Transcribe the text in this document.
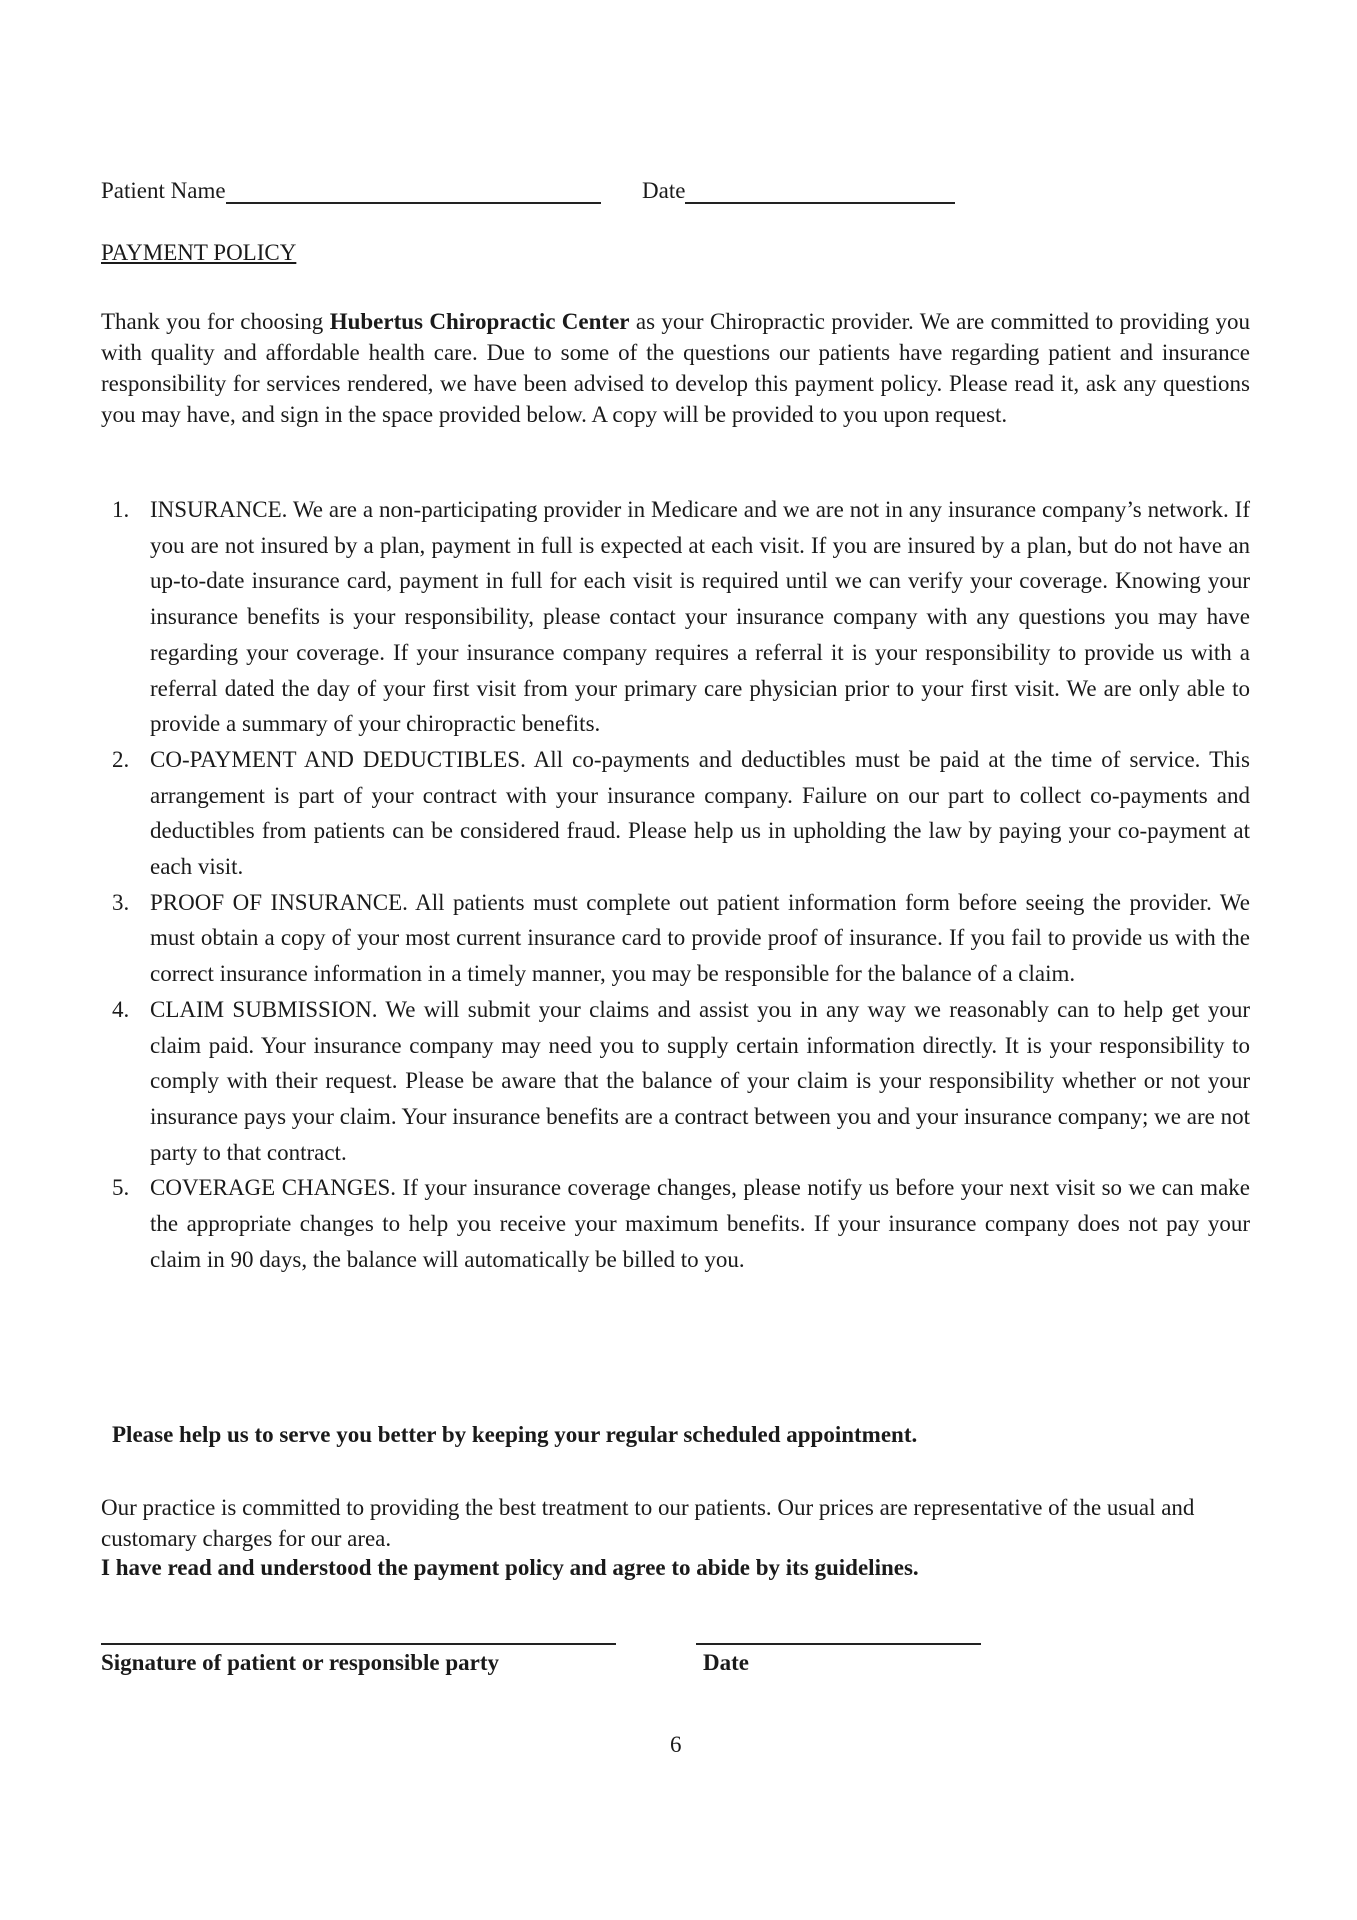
Patient Name	Date
PAYMENT POLICY
Thank you for choosing Hubertus Chiropractic Center as your Chiropractic provider. We are committed to providing you with quality and affordable health care. Due to some of the questions our patients have regarding patient and insurance responsibility for services rendered, we have been advised to develop this payment policy. Please read it, ask any questions you may have, and sign in the space provided below. A copy will be provided to you upon request.
1. INSURANCE. We are a non-participating provider in Medicare and we are not in any insurance company’s network. If you are not insured by a plan, payment in full is expected at each visit. If you are insured by a plan, but do not have an up-to-date insurance card, payment in full for each visit is required until we can verify your coverage. Knowing your insurance benefits is your responsibility, please contact your insurance company with any questions you may have regarding your coverage. If your insurance company requires a referral it is your responsibility to provide us with a referral dated the day of your first visit from your primary care physician prior to your first visit. We are only able to provide a summary of your chiropractic benefits.
2. CO-PAYMENT AND DEDUCTIBLES. All co-payments and deductibles must be paid at the time of service. This arrangement is part of your contract with your insurance company. Failure on our part to collect co-payments and deductibles from patients can be considered fraud. Please help us in upholding the law by paying your co-payment at each visit.
3. PROOF OF INSURANCE. All patients must complete out patient information form before seeing the provider. We must obtain a copy of your most current insurance card to provide proof of insurance. If you fail to provide us with the correct insurance information in a timely manner, you may be responsible for the balance of a claim.
4. CLAIM SUBMISSION. We will submit your claims and assist you in any way we reasonably can to help get your claim paid. Your insurance company may need you to supply certain information directly. It is your responsibility to comply with their request. Please be aware that the balance of your claim is your responsibility whether or not your insurance pays your claim. Your insurance benefits are a contract between you and your insurance company; we are not party to that contract.
5. COVERAGE CHANGES. If your insurance coverage changes, please notify us before your next visit so we can make the appropriate changes to help you receive your maximum benefits. If your insurance company does not pay your claim in 90 days, the balance will automatically be billed to you.
Please help us to serve you better by keeping your regular scheduled appointment.
Our practice is committed to providing the best treatment to our patients. Our prices are representative of the usual and customary charges for our area.
I have read and understood the payment policy and agree to abide by its guidelines.
Signature of patient or responsible party	Date
6
